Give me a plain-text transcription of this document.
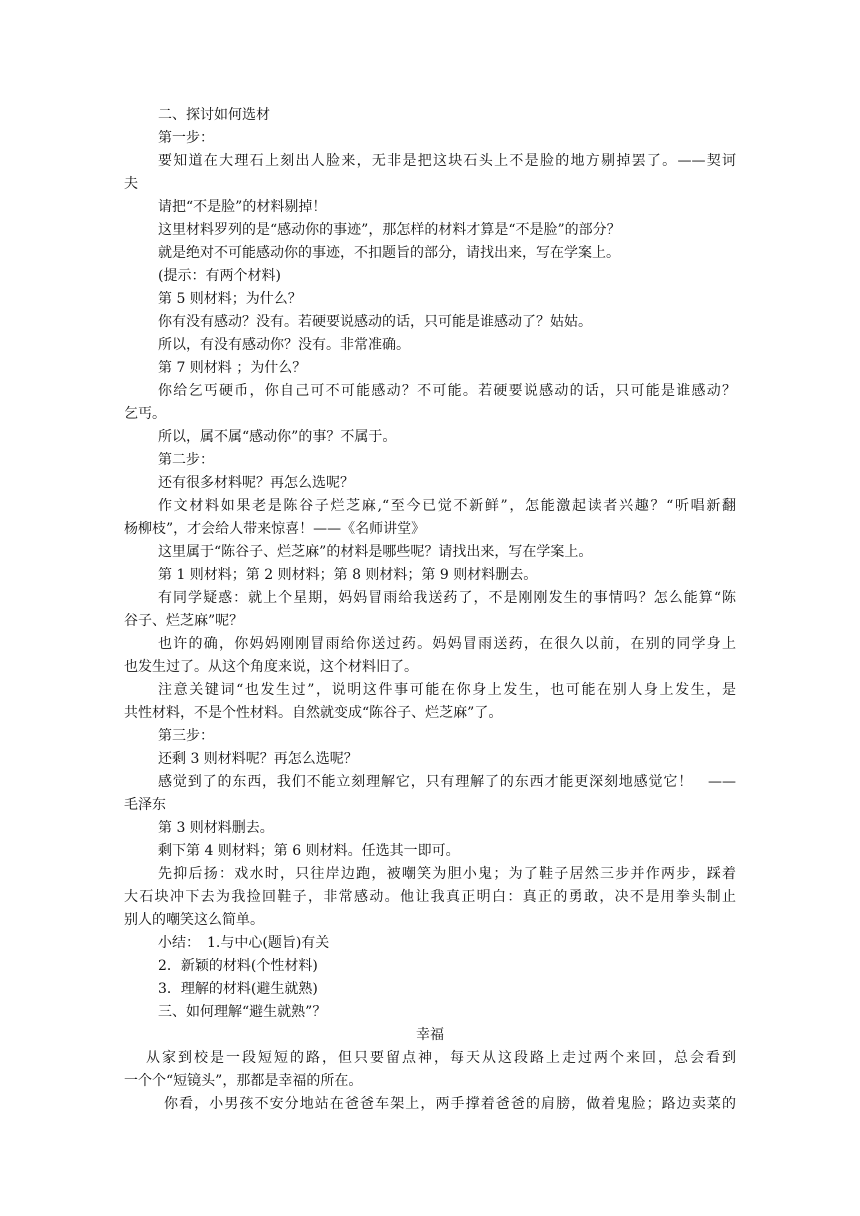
二、探讨如何选材
第一步：
要知道在大理石上刻出人脸来，无非是把这块石头上不是脸的地方剔掉罢了。——契诃
夫
请把“不是脸”的材料剔掉！
这里材料罗列的是“感动你的事迹”，那怎样的材料才算是“不是脸”的部分？
就是绝对不可能感动你的事迹，不扣题旨的部分，请找出来，写在学案上。
(提示：有两个材料)
第 5 则材料；为什么？
你有没有感动？没有。若硬要说感动的话，只可能是谁感动了？姑姑。
所以，有没有感动你？没有。非常准确。
第 7 则材料 ；为什么？
你给乞丐硬币，你自己可不可能感动？不可能。若硬要说感动的话，只可能是谁感动？
乞丐。
所以，属不属“感动你”的事？不属于。
第二步：
还有很多材料呢？再怎么选呢？
作文材料如果老是陈谷子烂芝麻,“至今已觉不新鲜”，怎能激起读者兴趣？“听唱新翻
杨柳枝”，才会给人带来惊喜！——《名师讲堂》
这里属于“陈谷子、烂芝麻”的材料是哪些呢？请找出来，写在学案上。
第 1 则材料；第 2 则材料；第 8 则材料；第 9 则材料删去。
有同学疑惑：就上个星期，妈妈冒雨给我送药了，不是刚刚发生的事情吗？怎么能算“陈
谷子、烂芝麻”呢？
也许的确，你妈妈刚刚冒雨给你送过药。妈妈冒雨送药，在很久以前，在别的同学身上
也发生过了。从这个角度来说，这个材料旧了。
注意关键词“也发生过”，说明这件事可能在你身上发生，也可能在别人身上发生，是
共性材料，不是个性材料。自然就变成“陈谷子、烂芝麻”了。
第三步：
还剩 3 则材料呢？再怎么选呢？
感觉到了的东西，我们不能立刻理解它，只有理解了的东西才能更深刻地感觉它！　——
毛泽东
第 3 则材料删去。
剩下第 4 则材料；第 6 则材料。任选其一即可。
先抑后扬：戏水时，只往岸边跑，被嘲笑为胆小鬼；为了鞋子居然三步并作两步，踩着
大石块冲下去为我捡回鞋子，非常感动。他让我真正明白：真正的勇敢，决不是用拳头制止
别人的嘲笑这么简单。
小结：　1.与中心(题旨)有关
2．新颖的材料(个性材料)
3．理解的材料(避生就熟)
三、如何理解“避生就熟”？
幸福
从家到校是一段短短的路，但只要留点神，每天从这段路上走过两个来回，总会看到
一个个“短镜头”，那都是幸福的所在。
你看，小男孩不安分地站在爸爸车架上，两手撑着爸爸的肩膀，做着鬼脸；路边卖菜的
